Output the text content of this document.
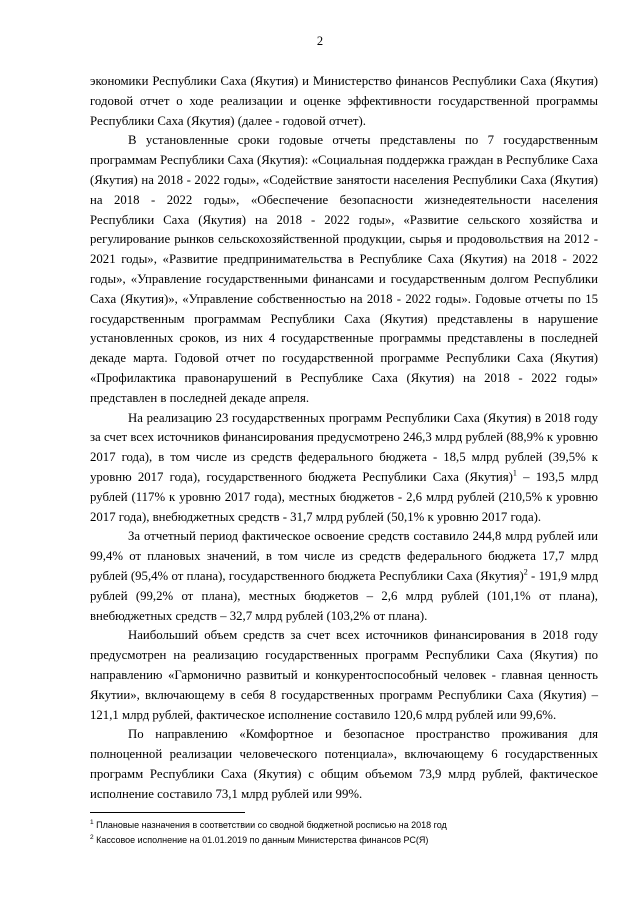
2

экономики Республики Саха (Якутия) и Министерство финансов Республики Саха (Якутия) годовой отчет о ходе реализации и оценке эффективности государственной программы Республики Саха (Якутия) (далее - годовой отчет).

В установленные сроки годовые отчеты представлены по 7 государственным программам Республики Саха (Якутия): «Социальная поддержка граждан в Республике Саха (Якутия) на 2018 - 2022 годы», «Содействие занятости населения Республики Саха (Якутия) на 2018 - 2022 годы», «Обеспечение безопасности жизнедеятельности населения Республики Саха (Якутия) на 2018 - 2022 годы», «Развитие сельского хозяйства и регулирование рынков сельскохозяйственной продукции, сырья и продовольствия на 2012 - 2021 годы», «Развитие предпринимательства в Республике Саха (Якутия) на 2018 - 2022 годы», «Управление государственными финансами и государственным долгом Республики Саха (Якутия)», «Управление собственностью на 2018 - 2022 годы». Годовые отчеты по 15 государственным программам Республики Саха (Якутия) представлены в нарушение установленных сроков, из них 4 государственные программы представлены в последней декаде марта. Годовой отчет по государственной программе Республики Саха (Якутия) «Профилактика правонарушений в Республике Саха (Якутия) на 2018 - 2022 годы» представлен в последней декаде апреля.

На реализацию 23 государственных программ Республики Саха (Якутия) в 2018 году за счет всех источников финансирования предусмотрено 246,3 млрд рублей (88,9% к уровню 2017 года), в том числе из средств федерального бюджета - 18,5 млрд рублей (39,5% к уровню 2017 года), государственного бюджета Республики Саха (Якутия)$^1$ – 193,5 млрд рублей (117% к уровню 2017 года), местных бюджетов - 2,6 млрд рублей (210,5% к уровню 2017 года), внебюджетных средств - 31,7 млрд рублей (50,1% к уровню 2017 года).

За отчетный период фактическое освоение средств составило 244,8 млрд рублей или 99,4% от плановых значений, в том числе из средств федерального бюджета 17,7 млрд рублей (95,4% от плана), государственного бюджета Республики Саха (Якутия)$^2$ - 191,9 млрд рублей (99,2% от плана), местных бюджетов – 2,6 млрд рублей (101,1% от плана), внебюджетных средств – 32,7 млрд рублей (103,2% от плана).

Наибольший объем средств за счет всех источников финансирования в 2018 году предусмотрен на реализацию государственных программ Республики Саха (Якутия) по направлению «Гармонично развитый и конкурентоспособный человек - главная ценность Якутии», включающему в себя 8 государственных программ Республики Саха (Якутия) – 121,1 млрд рублей, фактическое исполнение составило 120,6 млрд рублей или 99,6%.

По направлению «Комфортное и безопасное пространство проживания для полноценной реализации человеческого потенциала», включающему 6 государственных программ Республики Саха (Якутия) с общим объемом 73,9 млрд рублей, фактическое исполнение составило 73,1 млрд рублей или 99%.

$^1$ Плановые назначения в соответствии со сводной бюджетной росписью на 2018 год
$^2$ Кассовое исполнение на 01.01.2019 по данным Министерства финансов РС(Я)
